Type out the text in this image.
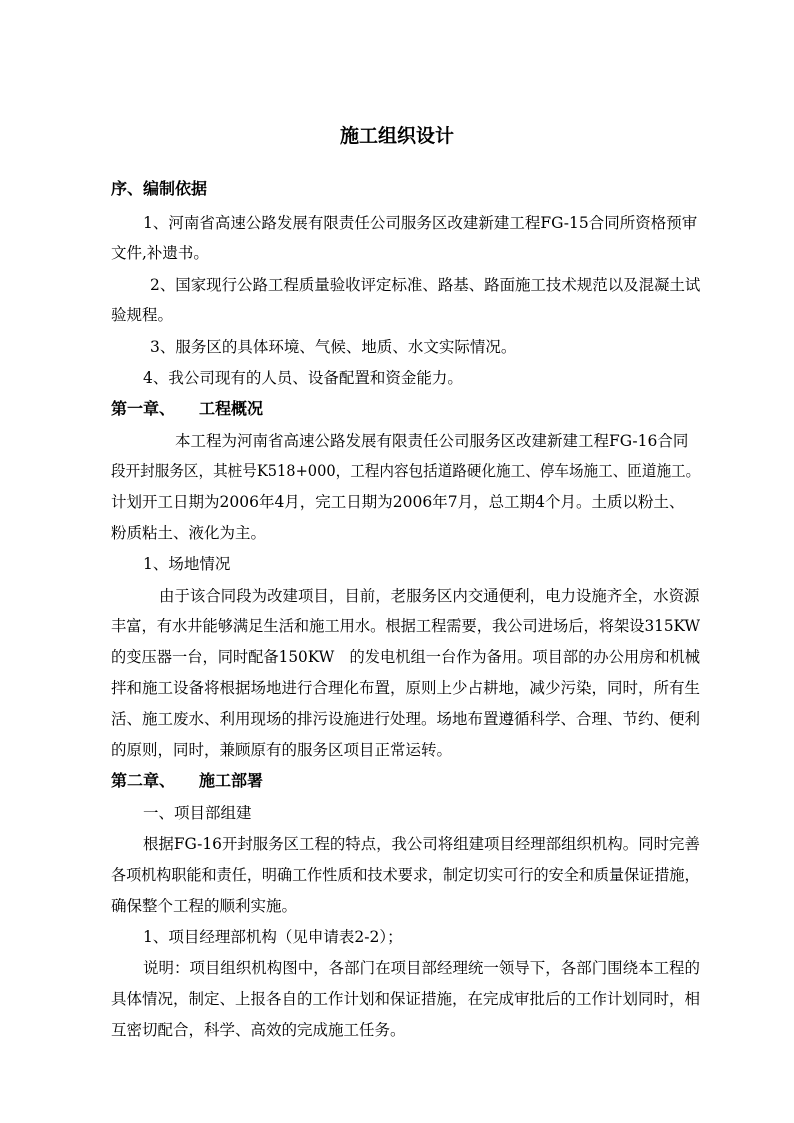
施工组织设计

序、编制依据

1、河南省高速公路发展有限责任公司服务区改建新建工程FG-15合同所资格预审

文件,补遗书。

2、国家现行公路工程质量验收评定标准、路基、路面施工技术规范以及混凝土试

验规程。

3、服务区的具体环境、气候、地质、水文实际情况。

4、我公司现有的人员、设备配置和资金能力。

第一章、 工程概况

本工程为河南省高速公路发展有限责任公司服务区改建新建工程FG-16合同

段开封服务区，其桩号K518+000，工程内容包括道路硬化施工、停车场施工、匝道施工。

计划开工日期为2006年4月，完工日期为2006年7月，总工期4个月。土质以粉土、

粉质粘土、液化为主。

1、场地情况

由于该合同段为改建项目，目前，老服务区内交通便利，电力设施齐全，水资源

丰富，有水井能够满足生活和施工用水。根据工程需要，我公司进场后，将架设315KW

的变压器一台，同时配备150KW　的发电机组一台作为备用。项目部的办公用房和机械

拌和施工设备将根据场地进行合理化布置，原则上少占耕地，减少污染，同时，所有生

活、施工废水、利用现场的排污设施进行处理。场地布置遵循科学、合理、节约、便利

的原则，同时，兼顾原有的服务区项目正常运转。

第二章、 施工部署

一、项目部组建

根据FG-16开封服务区工程的特点，我公司将组建项目经理部组织机构。同时完善

各项机构职能和责任，明确工作性质和技术要求，制定切实可行的安全和质量保证措施，

确保整个工程的顺利实施。

1、项目经理部机构（见申请表2-2）；

说明：项目组织机构图中，各部门在项目部经理统一领导下，各部门围绕本工程的

具体情况，制定、上报各自的工作计划和保证措施，在完成审批后的工作计划同时，相

互密切配合，科学、高效的完成施工任务。
